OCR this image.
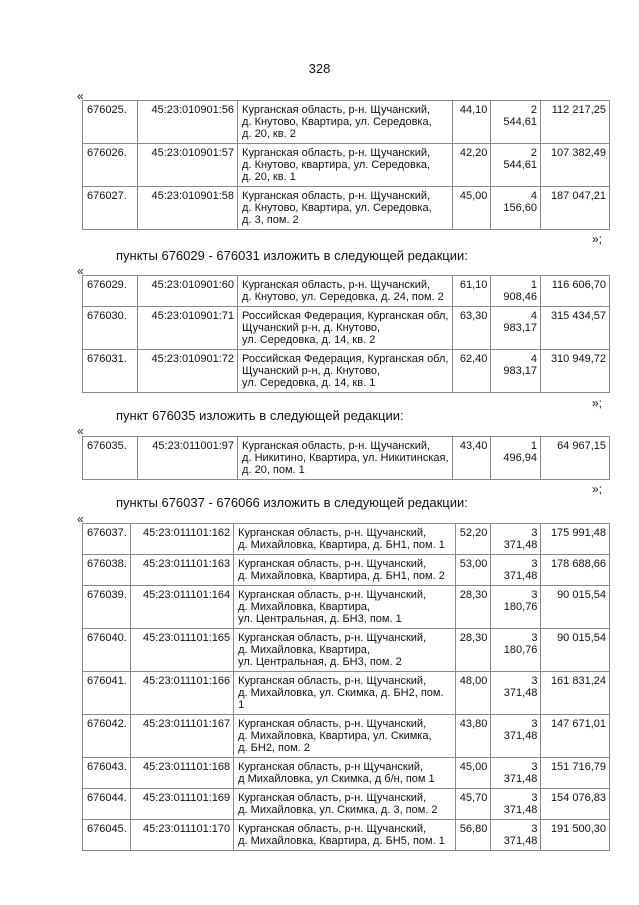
328
«
676025.	45:23:010901:56	Курганская область, р-н. Щучанский,
д. Кнутово, Квартира, ул. Середовка,
д. 20, кв. 2	44,10	2 544,61	112 217,25
676026.	45:23:010901:57	Курганская область, р-н. Щучанский,
д. Кнутово, квартира, ул. Середовка,
д. 20, кв. 1	42,20	2 544,61	107 382,49
676027.	45:23:010901:58	Курганская область, р-н. Щучанский,
д. Кнутово, Квартира, ул. Середовка,
д. 3, пом. 2	45,00	4 156,60	187 047,21
»;
пункты 676029 - 676031 изложить в следующей редакции:
«
676029.	45:23:010901:60	Курганская область, р-н. Щучанский,
д. Кнутово, ул. Середовка, д. 24, пом. 2	61,10	1 908,46	116 606,70
676030.	45:23:010901:71	Российская Федерация, Курганская обл,
Щучанский р-н, д. Кнутово,
ул. Середовка, д. 14, кв. 2	63,30	4 983,17	315 434,57
676031.	45:23:010901:72	Российская Федерация, Курганская обл,
Щучанский р-н, д. Кнутово,
ул. Середовка, д. 14, кв. 1	62,40	4 983,17	310 949,72
»;
пункт 676035 изложить в следующей редакции:
«
676035.	45:23:011001:97	Курганская область, р-н. Щучанский,
д. Никитино, Квартира, ул. Никитинская,
д. 20, пом. 1
	43,40	1 496,94	64 967,15
»;
пункты 676037 - 676066 изложить в следующей редакции:
«
676037.	45:23:011101:162	Курганская область, р-н. Щучанский,
д. Михайловка, Квартира, д. БН1, пом. 1	52,20	3 371,48	175 991,48
676038.	45:23:011101:163	Курганская область, р-н. Щучанский,
д. Михайловка, Квартира, д. БН1, пом. 2	53,00	3 371,48	178 688,66
676039.	45:23:011101:164	Курганская область, р-н. Щучанский,
д. Михайловка, Квартира,
ул. Центральная, д. БН3, пом. 1	28,30	3 180,76	90 015,54
676040.	45:23:011101:165	Курганская область, р-н. Щучанский,
д. Михайловка, Квартира,
ул. Центральная, д. БН3, пом. 2	28,30	3 180,76	90 015,54
676041.	45:23:011101:166	Курганская область, р-н. Щучанский,
д. Михайловка, ул. Скимка, д. БН2, пом. 1	48,00	3 371,48	161 831,24
676042.	45:23:011101:167	Курганская область, р-н. Щучанский,
д. Михайловка, Квартира, ул. Скимка,
д. БН2, пом. 2	43,80	3 371,48	147 671,01
676043.	45:23:011101:168	Курганская область, р-н Щучанский,
д Михайловка, ул Скимка, д б/н, пом 1	45,00	3 371,48	151 716,79
676044.	45:23:011101:169	Курганская область, р-н. Щучанский,
д. Михайловка, ул. Скимка, д. 3, пом. 2	45,70	3 371,48	154 076,83
676045.	45:23:011101:170	Курганская область, р-н. Щучанский,
д. Михайловка, Квартира, д. БН5, пом. 1	56,80	3 371,48	191 500,30
